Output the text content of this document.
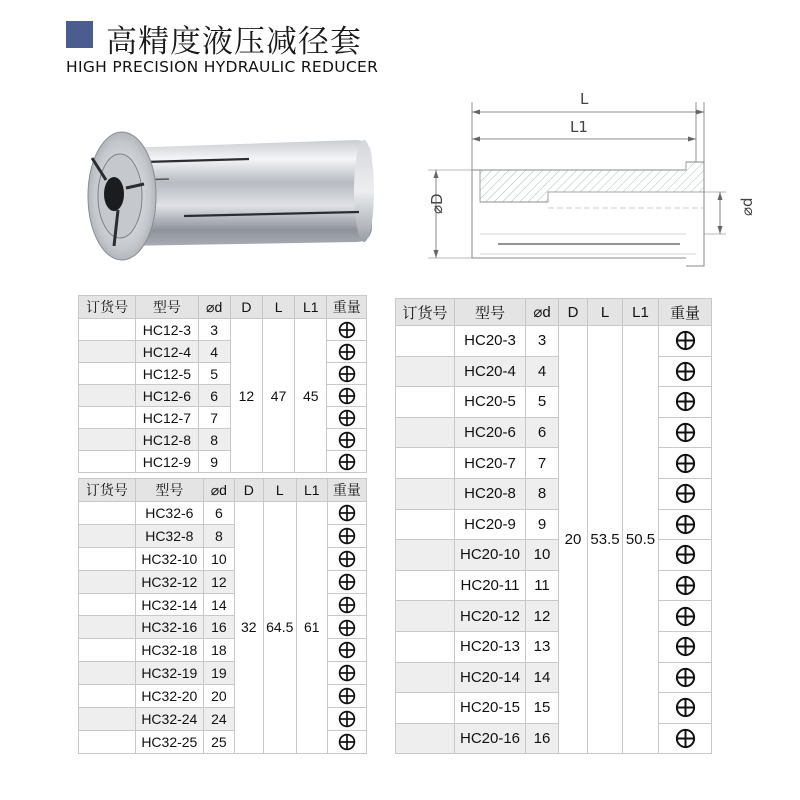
高精度液压减径套
HIGH PRECISION HYDRAULIC REDUCER
L
L1
⌀D	⌀d
订货号	型号	⌀d	D	L	L1	重量
	HC12-3	3	12	47	45	

	HC12-4	4	

	HC12-5	5	

	HC12-6	6	

	HC12-7	7	

	HC12-8	8	

	HC12-9	9	
订货号	型号	⌀d	D	L	L1	重量
	HC32-6	6	32	64.5	61	

	HC32-8	8	

	HC32-10	10	

	HC32-12	12	

	HC32-14	14	

	HC32-16	16	

	HC32-18	18	

	HC32-19	19	

	HC32-20	20	

	HC32-24	24	

	HC32-25	25	
订货号	型号	⌀d	D	L	L1	重量
	HC20-3	3	20	53.5	50.5	

	HC20-4	4	

	HC20-5	5	

	HC20-6	6	

	HC20-7	7	

	HC20-8	8	

	HC20-9	9	

	HC20-10	10	

	HC20-11	11	

	HC20-12	12	

	HC20-13	13	

	HC20-14	14	

	HC20-15	15	

	HC20-16	16	
